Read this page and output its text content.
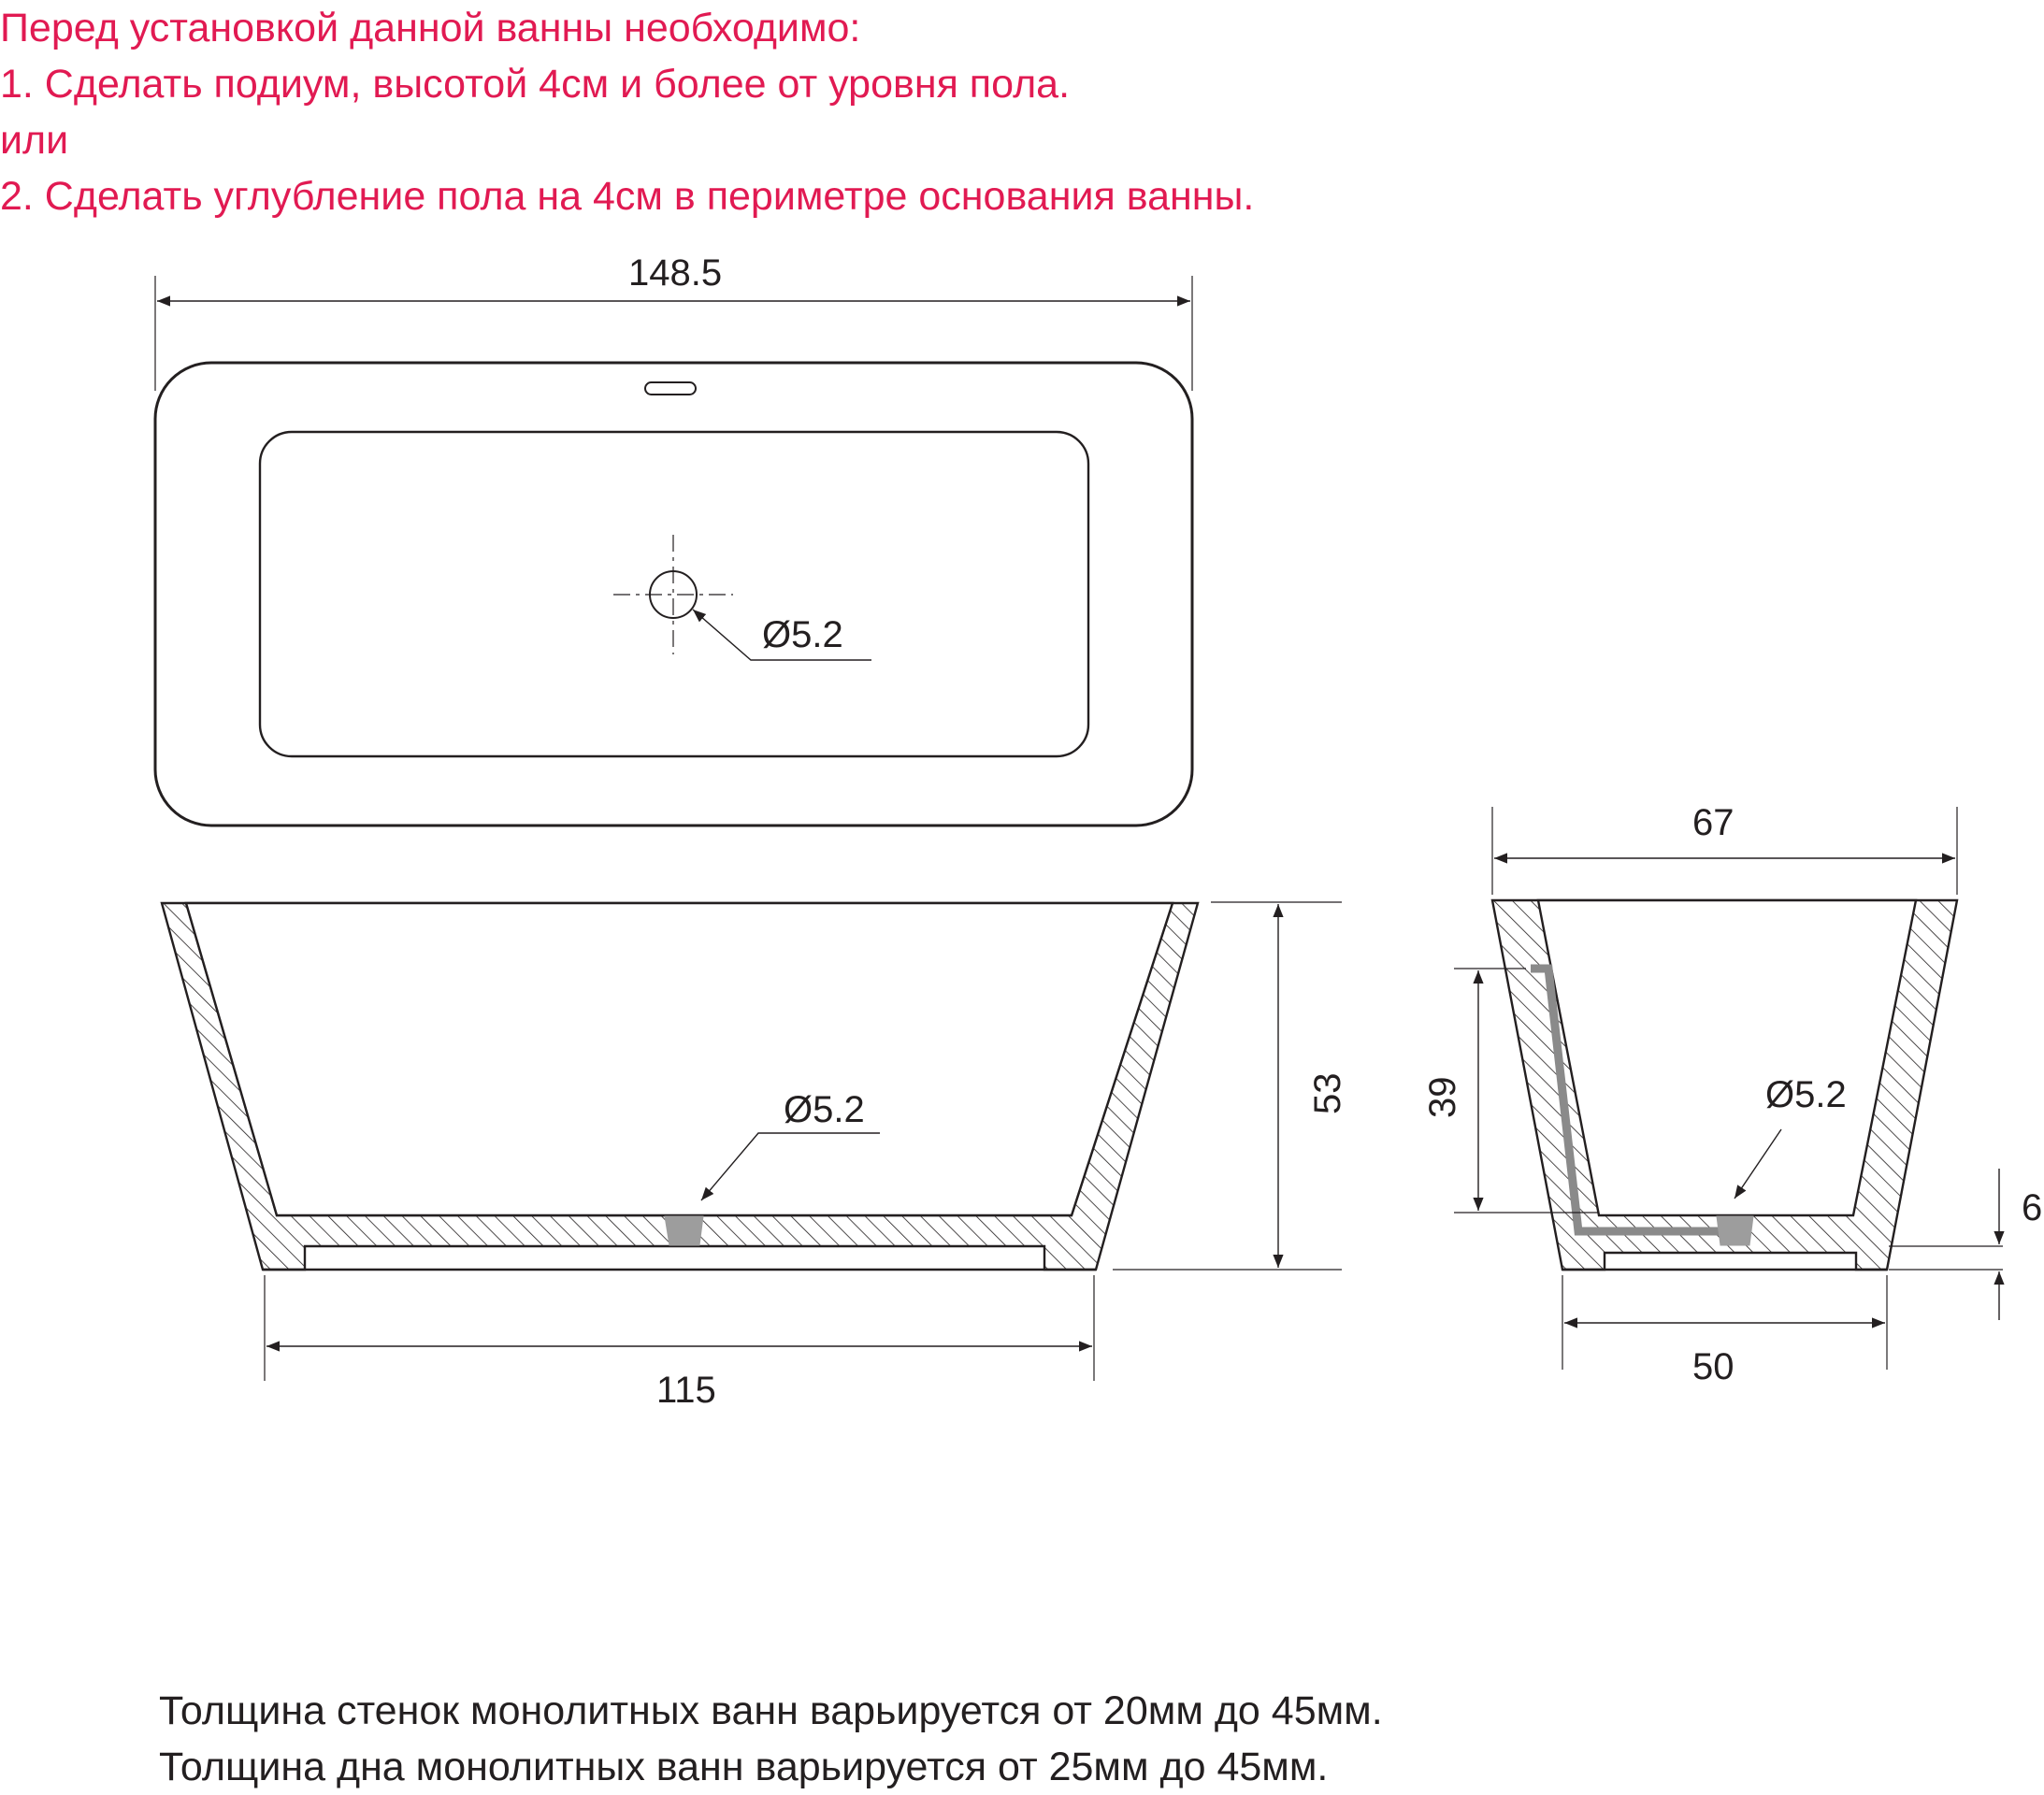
Перед установкой данной ванны необходимо:
1. Сделать подиум, высотой 4см и более от уровня пола.
или
2. Сделать углубление пола на 4см в периметре основания ванны.
148.5
Ø5.2
Ø5.2	53
115
67
39	Ø5.2
6
50
Толщина стенок монолитных ванн варьируется от 20мм до 45мм.
Толщина дна монолитных ванн варьируется от 25мм до 45мм.
